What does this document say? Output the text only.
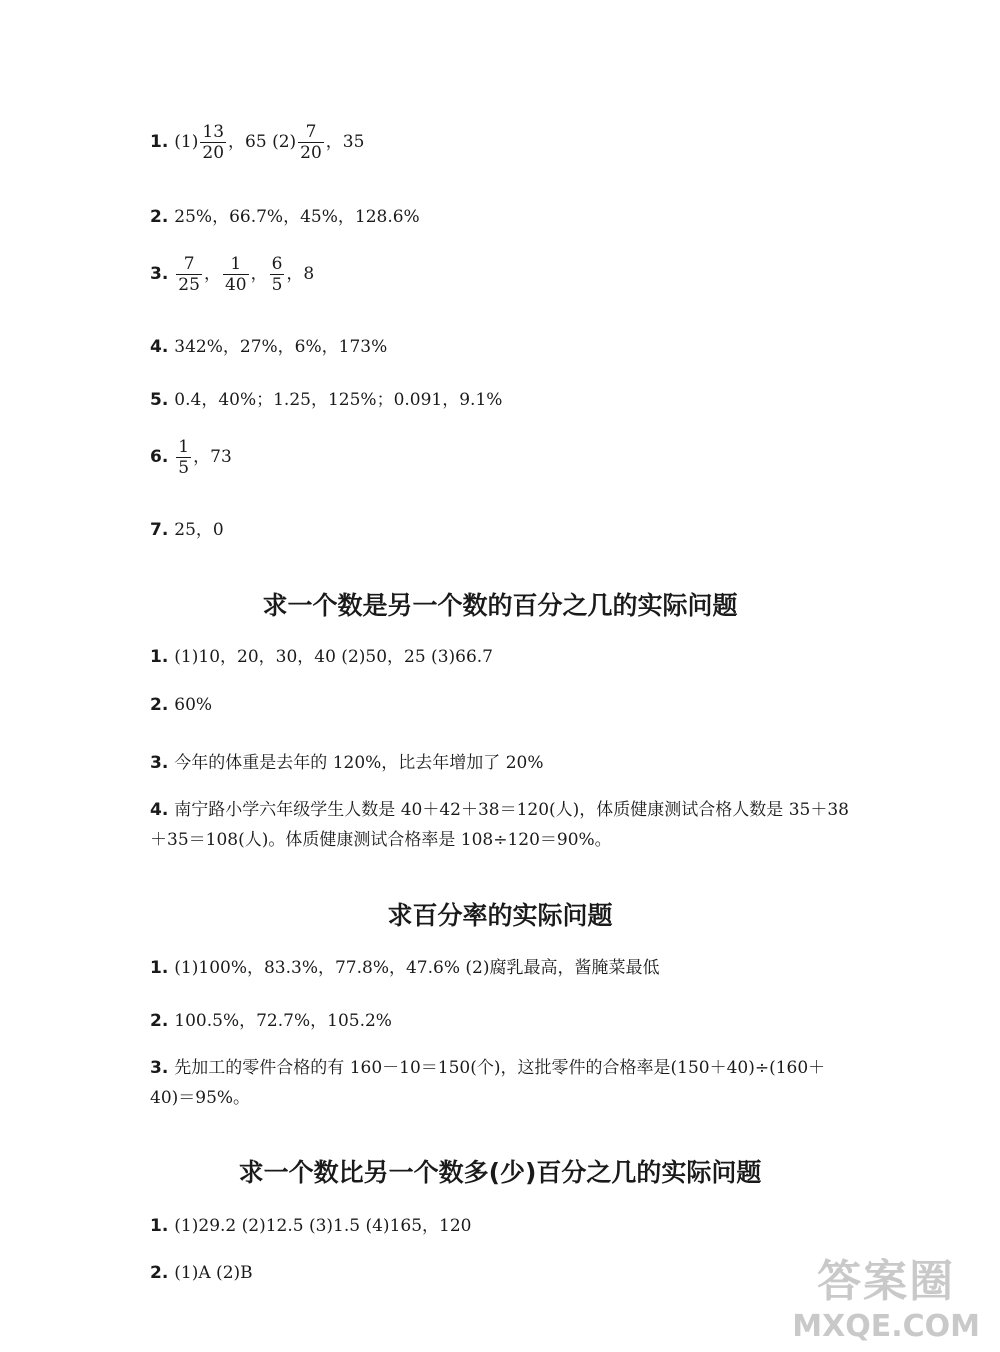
1. $(1) \frac{13}{20}$ ，65 $(2) \frac{7}{20}$ ，35
2. 25%，66.7%，45%，128.6%
3. $\frac{7}{25}$ ， $\frac{1}{40}$ ， $\frac{6}{5}$ ，8
4. 342%，27%，6%，173%
5. 0.4，40%；1.25，125%；0.091，9.1%
6. $\frac{1}{5}$ ，73
7. 25，0
求一个数是另一个数的百分之几的实际问题
1. (1)10，20，30，40 (2)50，25 (3)66.7
2. 60%
3. 今年的体重是去年的 120%，比去年增加了 20%
4. 南宁路小学六年级学生人数是 40＋42＋38＝120(人)，体质健康测试合格人数是 35＋38＋35＝108(人)。体质健康测试合格率是 108÷120＝90%。
求百分率的实际问题
1. (1)100%，83.3%，77.8%，47.6% (2)腐乳最高，酱腌菜最低
2. 100.5%，72.7%，105.2%
3. 先加工的零件合格的有 160－10＝150(个)，这批零件的合格率是(150＋40)÷(160＋40)＝95%。
求一个数比另一个数多(少)百分之几的实际问题
1. (1)29.2 (2)12.5 (3)1.5 (4)165，120
2. (1)A (2)B	答案圈
MXQE.COM
